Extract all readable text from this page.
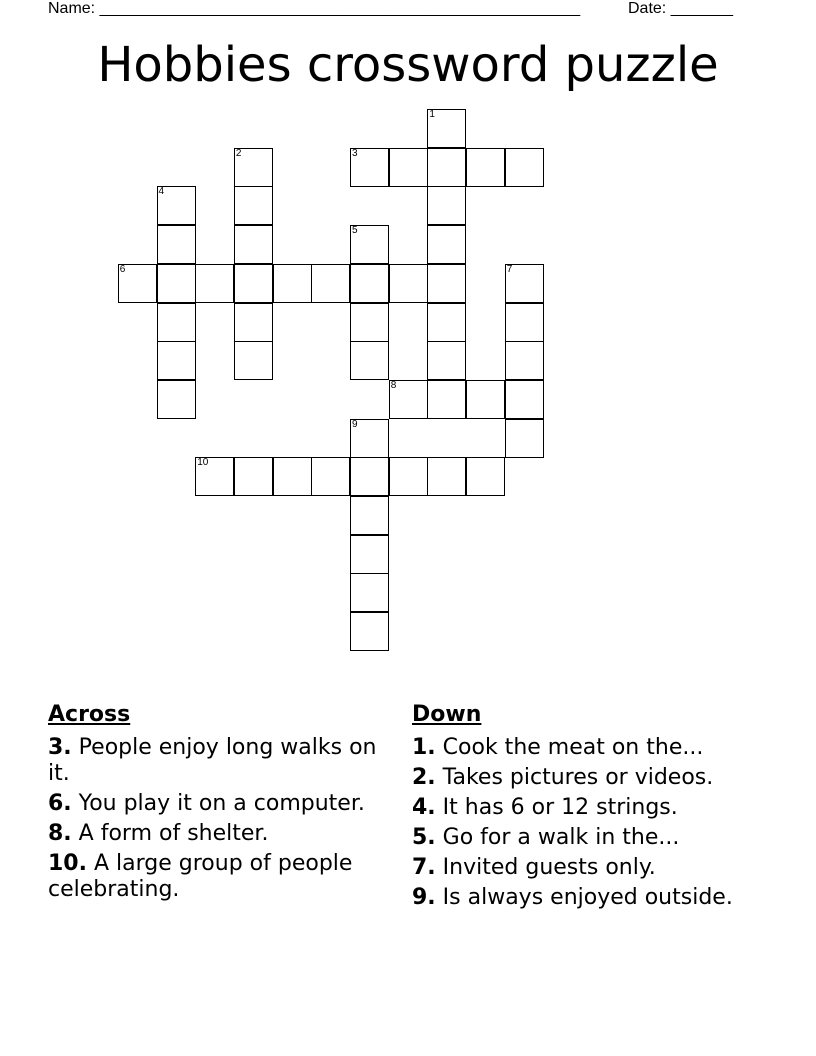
Name: ______________________________________________________	Date: _______
Hobbies crossword puzzle
1
2	3
4
5
6	7
8
9
10
Across
3. People enjoy long walks on it.
6. You play it on a computer.
8. A form of shelter.
10. A large group of people celebrating.
Down
1. Cook the meat on the...
2. Takes pictures or videos.
4. It has 6 or 12 strings.
5. Go for a walk in the...
7. Invited guests only.
9. Is always enjoyed outside.
